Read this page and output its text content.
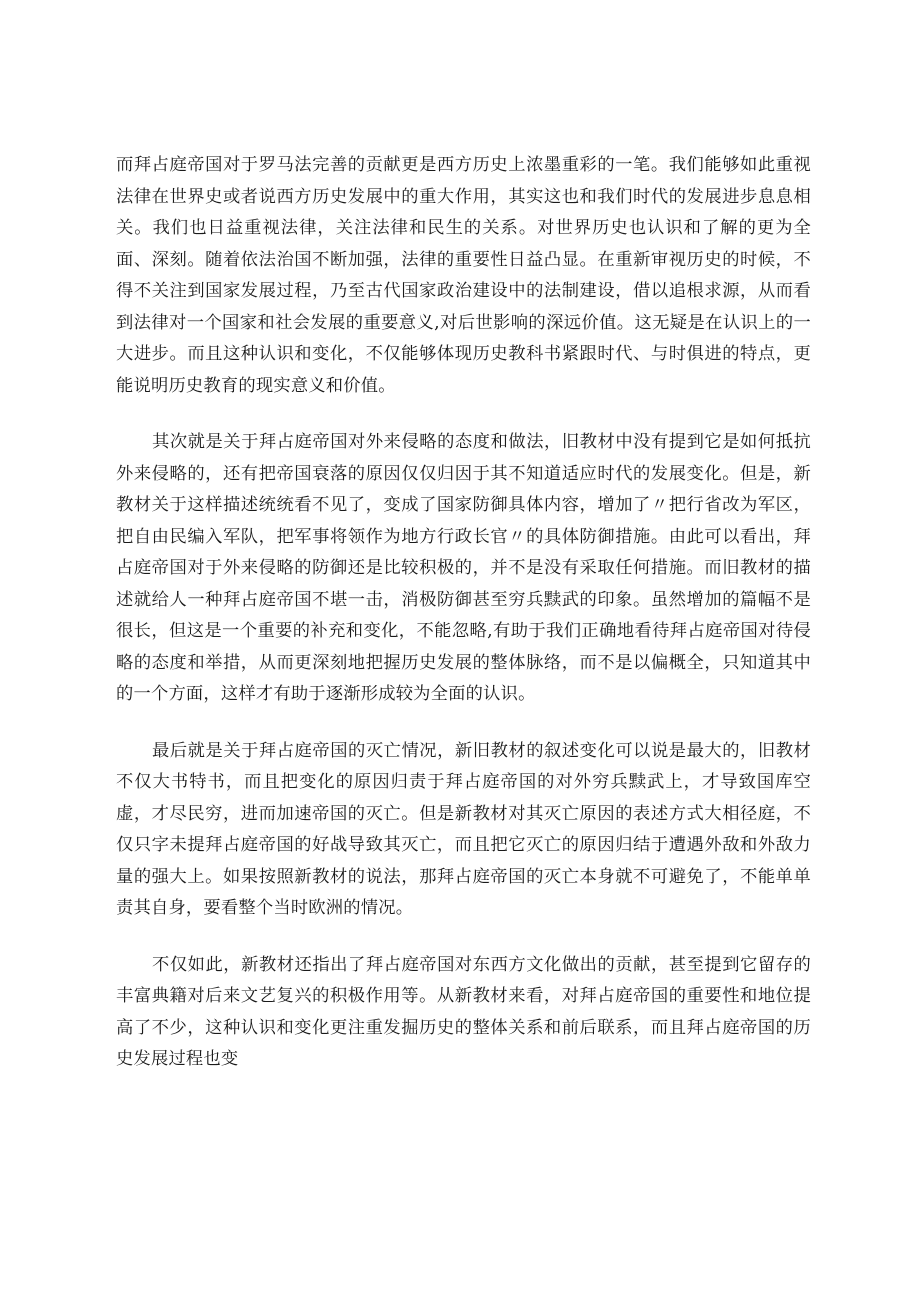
而拜占庭帝国对于罗马法完善的贡献更是西方历史上浓墨重彩的一笔。我们能够如此重视法律在世界史或者说西方历史发展中的重大作用，其实这也和我们时代的发展进步息息相关。我们也日益重视法律，关注法律和民生的关系。对世界历史也认识和了解的更为全面、深刻。随着依法治国不断加强，法律的重要性日益凸显。在重新审视历史的时候，不得不关注到国家发展过程，乃至古代国家政治建设中的法制建设，借以追根求源，从而看到法律对一个国家和社会发展的重要意义,对后世影响的深远价值。这无疑是在认识上的一大进步。而且这种认识和变化，不仅能够体现历史教科书紧跟时代、与时俱进的特点，更能说明历史教育的现实意义和价值。

其次就是关于拜占庭帝国对外来侵略的态度和做法，旧教材中没有提到它是如何抵抗外来侵略的，还有把帝国衰落的原因仅仅归因于其不知道适应时代的发展变化。但是，新教材关于这样描述统统看不见了，变成了国家防御具体内容，增加了〃把行省改为军区，把自由民编入军队，把军事将领作为地方行政长官〃的具体防御措施。由此可以看出，拜占庭帝国对于外来侵略的防御还是比较积极的，并不是没有采取任何措施。而旧教材的描述就给人一种拜占庭帝国不堪一击，消极防御甚至穷兵黩武的印象。虽然增加的篇幅不是很长，但这是一个重要的补充和变化，不能忽略,有助于我们正确地看待拜占庭帝国对待侵略的态度和举措，从而更深刻地把握历史发展的整体脉络，而不是以偏概全，只知道其中的一个方面，这样才有助于逐渐形成较为全面的认识。

最后就是关于拜占庭帝国的灭亡情况，新旧教材的叙述变化可以说是最大的，旧教材不仅大书特书，而且把变化的原因归责于拜占庭帝国的对外穷兵黩武上，才导致国库空虚，才尽民穷，进而加速帝国的灭亡。但是新教材对其灭亡原因的表述方式大相径庭，不仅只字未提拜占庭帝国的好战导致其灭亡，而且把它灭亡的原因归结于遭遇外敌和外敌力量的强大上。如果按照新教材的说法，那拜占庭帝国的灭亡本身就不可避免了，不能单单责其自身，要看整个当时欧洲的情况。

不仅如此，新教材还指出了拜占庭帝国对东西方文化做出的贡献，甚至提到它留存的丰富典籍对后来文艺复兴的积极作用等。从新教材来看，对拜占庭帝国的重要性和地位提高了不少，这种认识和变化更注重发掘历史的整体关系和前后联系，而且拜占庭帝国的历史发展过程也变
